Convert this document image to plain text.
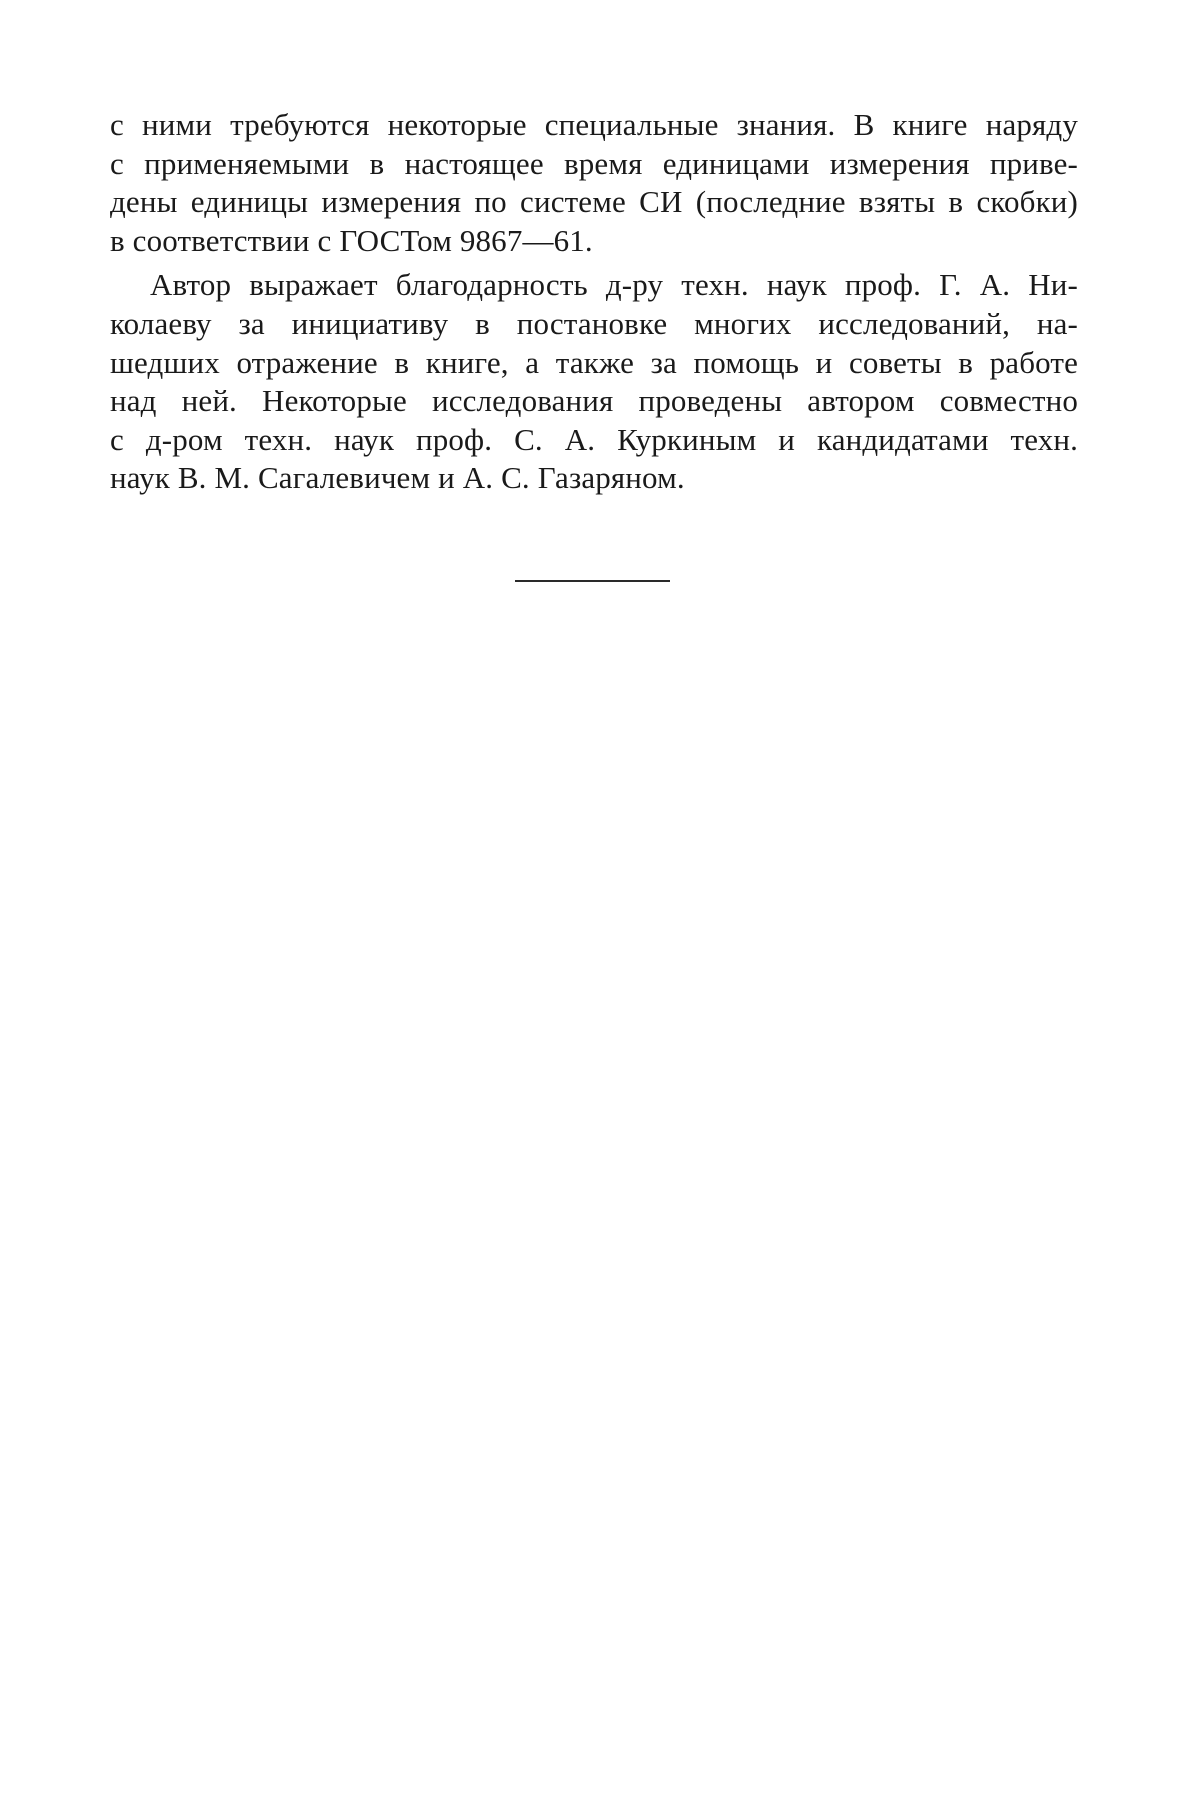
с ними требуются некоторые специальные знания. В книге наряду
с применяемыми в настоящее время единицами измерения приве-
дены единицы измерения по системе СИ (последние взяты в скобки)
в соответствии с ГОСТом 9867—61.
Автор выражает благодарность д-ру техн. наук проф. Г. А. Ни-
колаеву за инициативу в постановке многих исследований, на-
шедших отражение в книге, а также за помощь и советы в работе
над ней. Некоторые исследования проведены автором совместно
с д-ром техн. наук проф. С. А. Куркиным и кандидатами техн.
наук В. М. Сагалевичем и А. С. Газаряном.
